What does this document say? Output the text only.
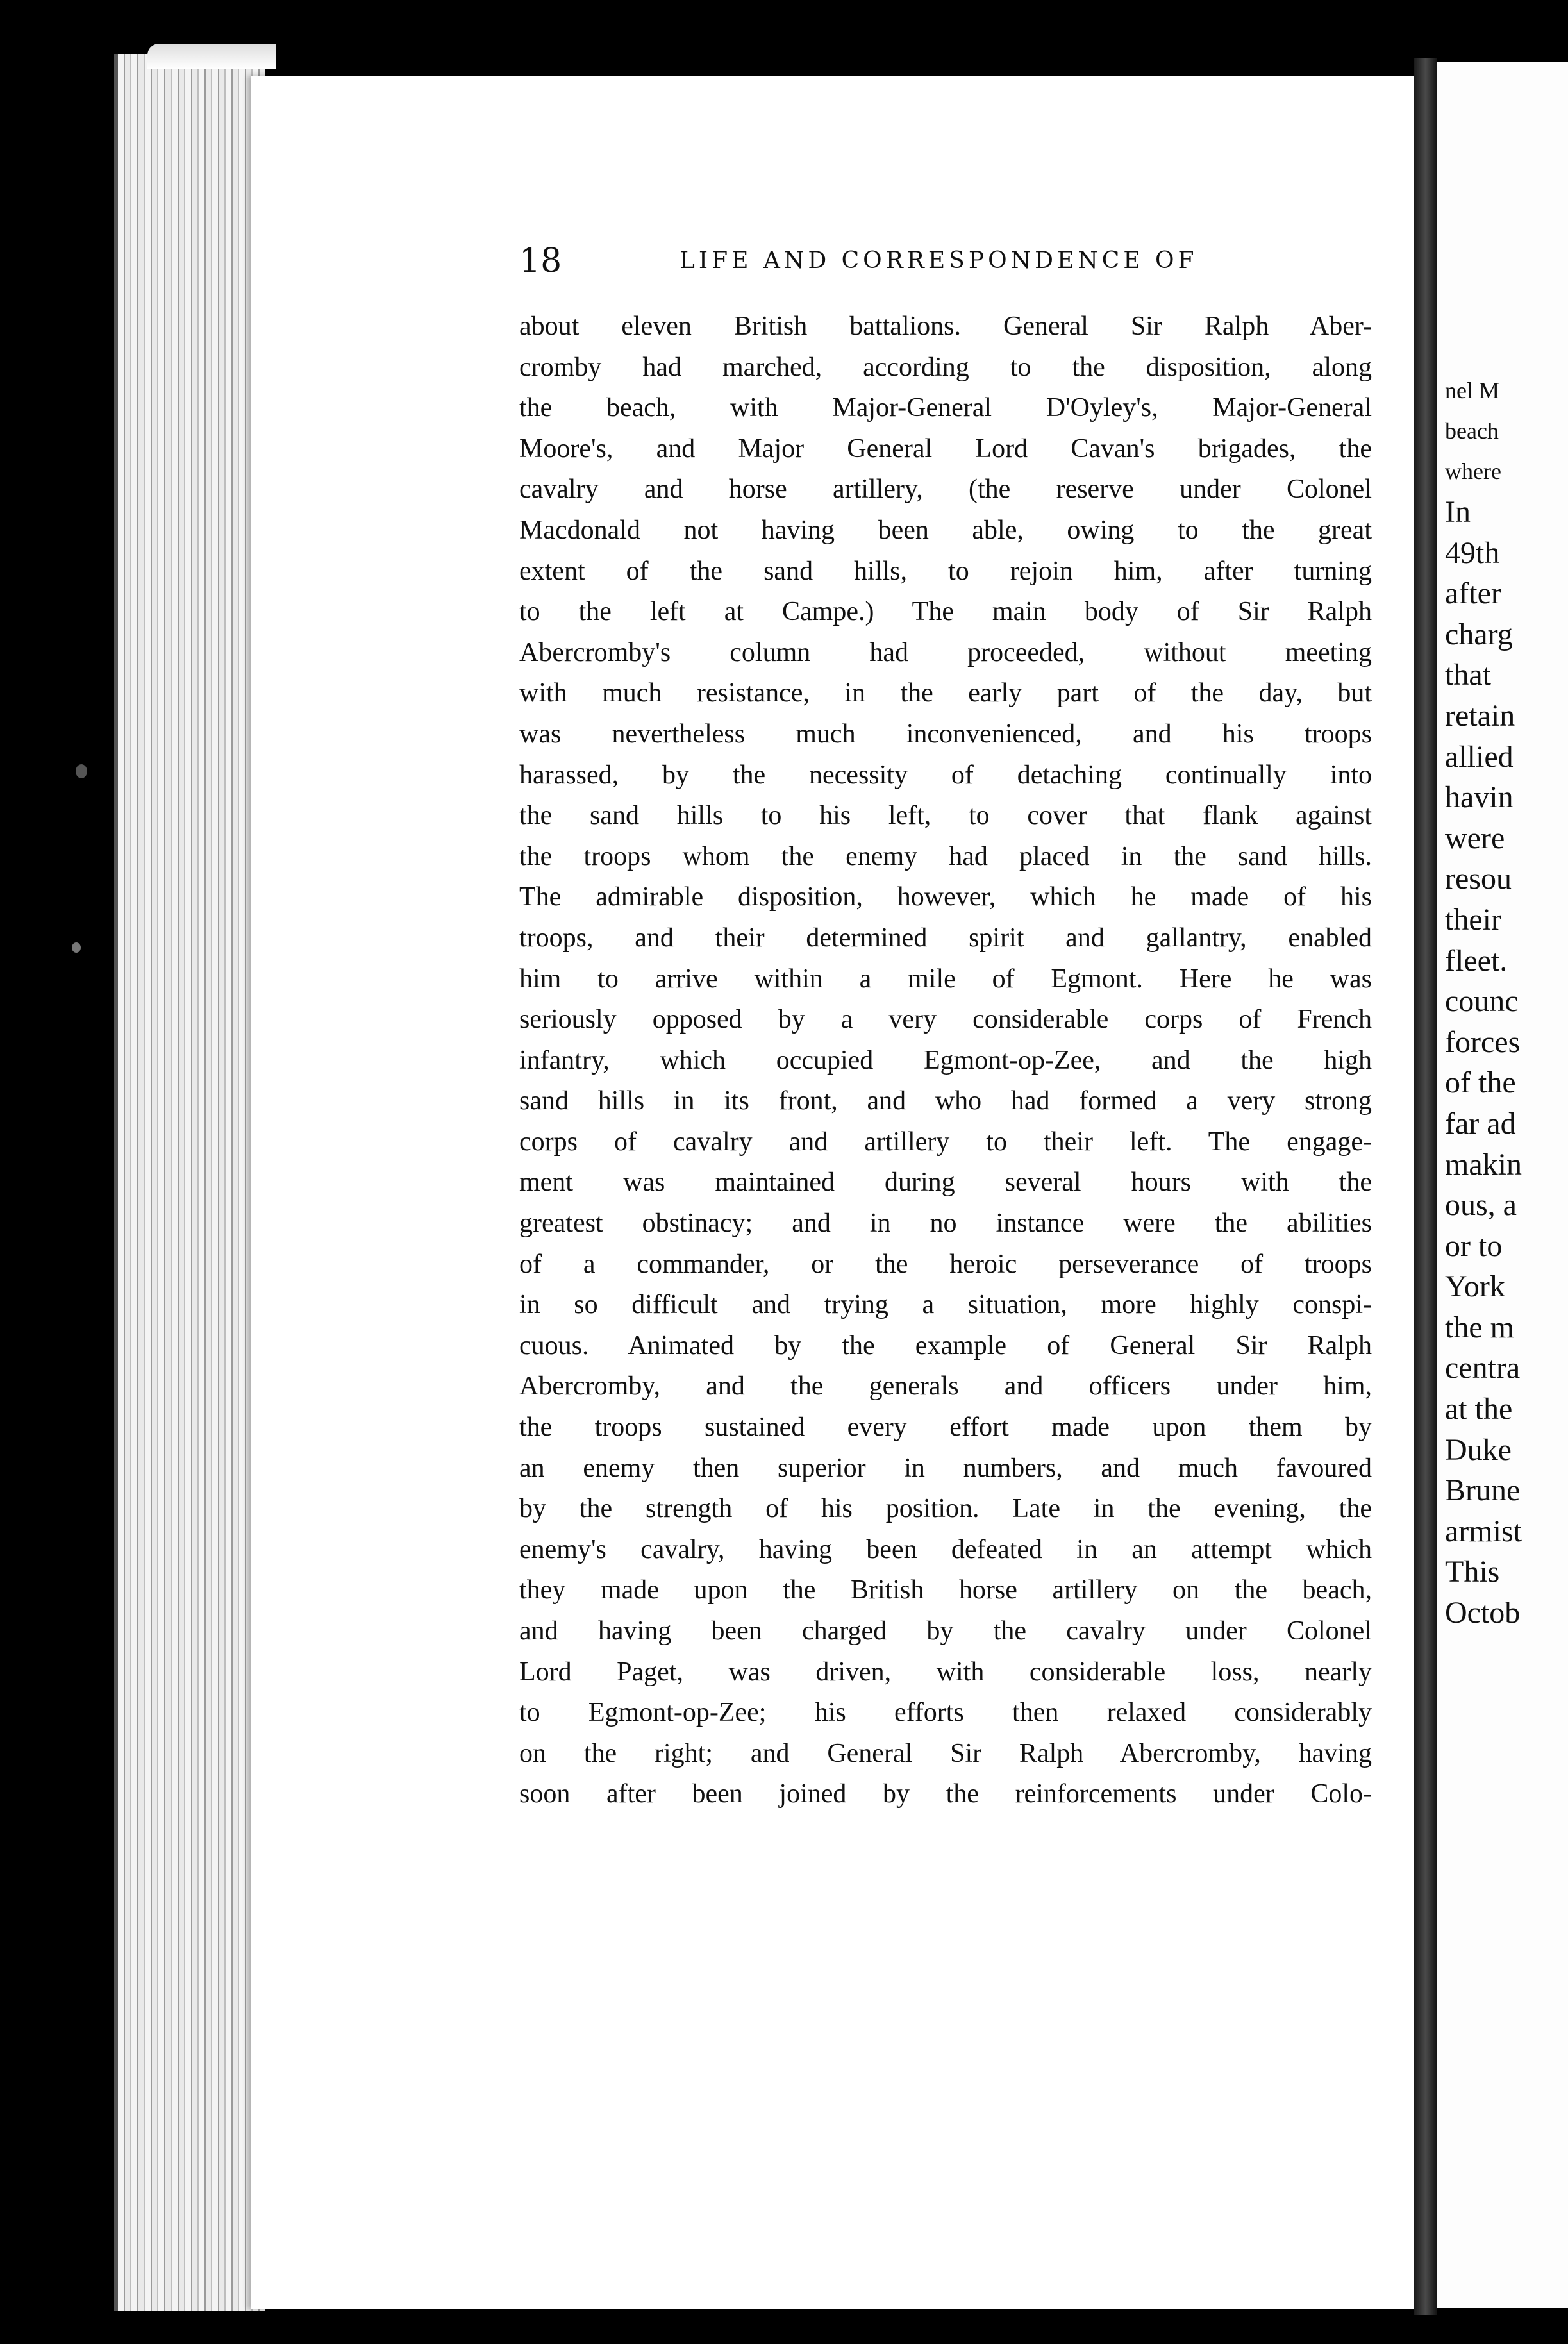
18	LIFE AND CORRESPONDENCE OF
about eleven British battalions. General Sir Ralph Aber-
cromby had marched, according to the disposition, along
the beach, with Major-General D'Oyley's, Major-General
Moore's, and Major General Lord Cavan's brigades, the
cavalry and horse artillery, (the reserve under Colonel
Macdonald not having been able, owing to the great
extent of the sand hills, to rejoin him, after turning
to the left at Campe.) The main body of Sir Ralph
Abercromby's column had proceeded, without meeting
with much resistance, in the early part of the day, but
was nevertheless much inconvenienced, and his troops
harassed, by the necessity of detaching continually into
the sand hills to his left, to cover that flank against
the troops whom the enemy had placed in the sand hills.
The admirable disposition, however, which he made of his
troops, and their determined spirit and gallantry, enabled
him to arrive within a mile of Egmont. Here he was
seriously opposed by a very considerable corps of French
infantry, which occupied Egmont-op-Zee, and the high
sand hills in its front, and who had formed a very strong
corps of cavalry and artillery to their left. The engage-
ment was maintained during several hours with the
greatest obstinacy; and in no instance were the abilities
of a commander, or the heroic perseverance of troops
in so difficult and trying a situation, more highly conspi-
cuous. Animated by the example of General Sir Ralph
Abercromby, and the generals and officers under him,
the troops sustained every effort made upon them by
an enemy then superior in numbers, and much favoured
by the strength of his position. Late in the evening, the
enemy's cavalry, having been defeated in an attempt which
they made upon the British horse artillery on the beach,
and having been charged by the cavalry under Colonel
Lord Paget, was driven, with considerable loss, nearly
to Egmont-op-Zee; his efforts then relaxed considerably
on the right; and General Sir Ralph Abercromby, having
soon after been joined by the reinforcements under Colo-
nel M
beach
where
In
49th
after
charg
that
retain
allied
havin
were
resou
their
fleet.
counc
forces
of the
far ad
makin
ous, a
or to
York
the m
centra
at the
Duke
Brune
armist
This
Octob
